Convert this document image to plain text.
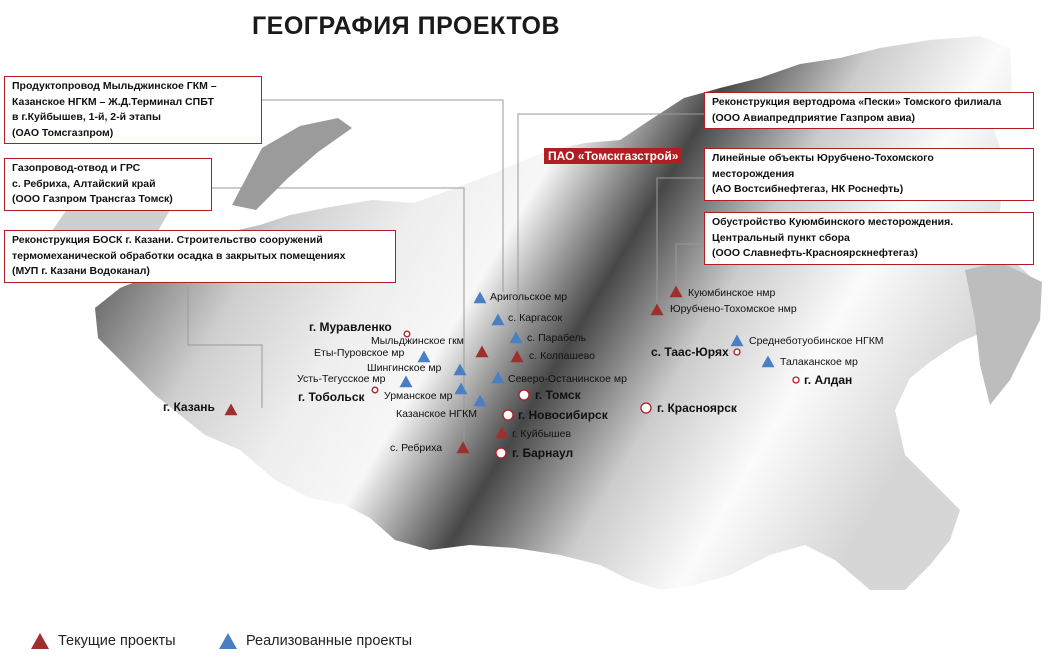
ГЕОГРАФИЯ ПРОЕКТОВ
Продуктопровод Мыльджинское ГКМ –
Казанское НГКМ – Ж.Д.Терминал СПБТ
в г.Куйбышев, 1-й, 2-й этапы
(ОАО Томсгазпром)
Газопровод-отвод и ГРС
с. Ребриха, Алтайский край
(ООО Газпром Трансгаз Томск)
Реконструкция БОСК г. Казани. Строительство сооружений
термомеханической обработки осадка в закрытых помещениях
(МУП г. Казани Водоканал)
Реконструкция вертодрома «Пески» Томского филиала
(ООО Авиапредприятие Газпром авиа)
Линейные объекты Юрубчено-Тохомского
месторождения
(АО Востсибнефтегаз, НК Роснефть)
Обустройство Куюмбинского месторождения.
Центральный пункт сбора
(ООО Славнефть-Красноярскнефтегаз)
ПАО «Томскгазстрой»
Аригольское мр
с. Каргасок
с. Парабель
с. Колпашево
Мыльджинское гкм
Еты-Пуровское мр
Шингинское мр
Усть-Тегусское мр
Урманское мр
Северо-Останинское мр
Казанское НГКМ
г. Куйбышев
с. Ребриха
Куюмбинское нмр
Юрубчено-Тохомское нмр
Среднеботуобинское НГКМ
Талаканское мр
г. Муравленко
г. Тобольск
г. Казань
г. Томск
г. Новосибирск
г. Барнаул
г. Красноярск
с. Таас-Юрях
г. Алдан
Текущие проекты	Реализованные проекты
